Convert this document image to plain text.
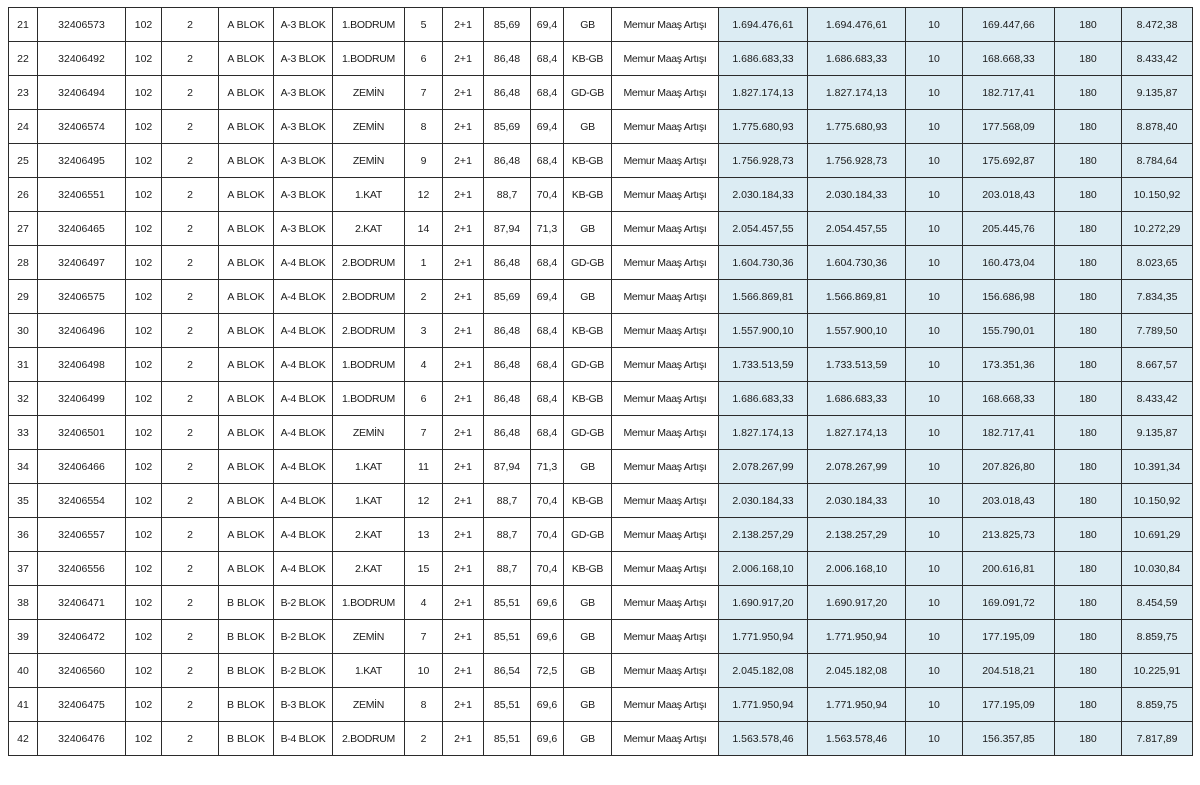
21	32406573	102	2	A BLOK	A-3 BLOK	1.BODRUM	5	2+1	85,69	69,4	GB	Memur Maaş Artışı	1.694.476,61	1.694.476,61	10	169.447,66	180	8.472,38
22	32406492	102	2	A BLOK	A-3 BLOK	1.BODRUM	6	2+1	86,48	68,4	KB-GB	Memur Maaş Artışı	1.686.683,33	1.686.683,33	10	168.668,33	180	8.433,42
23	32406494	102	2	A BLOK	A-3 BLOK	ZEMİN	7	2+1	86,48	68,4	GD-GB	Memur Maaş Artışı	1.827.174,13	1.827.174,13	10	182.717,41	180	9.135,87
24	32406574	102	2	A BLOK	A-3 BLOK	ZEMİN	8	2+1	85,69	69,4	GB	Memur Maaş Artışı	1.775.680,93	1.775.680,93	10	177.568,09	180	8.878,40
25	32406495	102	2	A BLOK	A-3 BLOK	ZEMİN	9	2+1	86,48	68,4	KB-GB	Memur Maaş Artışı	1.756.928,73	1.756.928,73	10	175.692,87	180	8.784,64
26	32406551	102	2	A BLOK	A-3 BLOK	1.KAT	12	2+1	88,7	70,4	KB-GB	Memur Maaş Artışı	2.030.184,33	2.030.184,33	10	203.018,43	180	10.150,92
27	32406465	102	2	A BLOK	A-3 BLOK	2.KAT	14	2+1	87,94	71,3	GB	Memur Maaş Artışı	2.054.457,55	2.054.457,55	10	205.445,76	180	10.272,29
28	32406497	102	2	A BLOK	A-4 BLOK	2.BODRUM	1	2+1	86,48	68,4	GD-GB	Memur Maaş Artışı	1.604.730,36	1.604.730,36	10	160.473,04	180	8.023,65
29	32406575	102	2	A BLOK	A-4 BLOK	2.BODRUM	2	2+1	85,69	69,4	GB	Memur Maaş Artışı	1.566.869,81	1.566.869,81	10	156.686,98	180	7.834,35
30	32406496	102	2	A BLOK	A-4 BLOK	2.BODRUM	3	2+1	86,48	68,4	KB-GB	Memur Maaş Artışı	1.557.900,10	1.557.900,10	10	155.790,01	180	7.789,50
31	32406498	102	2	A BLOK	A-4 BLOK	1.BODRUM	4	2+1	86,48	68,4	GD-GB	Memur Maaş Artışı	1.733.513,59	1.733.513,59	10	173.351,36	180	8.667,57
32	32406499	102	2	A BLOK	A-4 BLOK	1.BODRUM	6	2+1	86,48	68,4	KB-GB	Memur Maaş Artışı	1.686.683,33	1.686.683,33	10	168.668,33	180	8.433,42
33	32406501	102	2	A BLOK	A-4 BLOK	ZEMİN	7	2+1	86,48	68,4	GD-GB	Memur Maaş Artışı	1.827.174,13	1.827.174,13	10	182.717,41	180	9.135,87
34	32406466	102	2	A BLOK	A-4 BLOK	1.KAT	11	2+1	87,94	71,3	GB	Memur Maaş Artışı	2.078.267,99	2.078.267,99	10	207.826,80	180	10.391,34
35	32406554	102	2	A BLOK	A-4 BLOK	1.KAT	12	2+1	88,7	70,4	KB-GB	Memur Maaş Artışı	2.030.184,33	2.030.184,33	10	203.018,43	180	10.150,92
36	32406557	102	2	A BLOK	A-4 BLOK	2.KAT	13	2+1	88,7	70,4	GD-GB	Memur Maaş Artışı	2.138.257,29	2.138.257,29	10	213.825,73	180	10.691,29
37	32406556	102	2	A BLOK	A-4 BLOK	2.KAT	15	2+1	88,7	70,4	KB-GB	Memur Maaş Artışı	2.006.168,10	2.006.168,10	10	200.616,81	180	10.030,84
38	32406471	102	2	B BLOK	B-2 BLOK	1.BODRUM	4	2+1	85,51	69,6	GB	Memur Maaş Artışı	1.690.917,20	1.690.917,20	10	169.091,72	180	8.454,59
39	32406472	102	2	B BLOK	B-2 BLOK	ZEMİN	7	2+1	85,51	69,6	GB	Memur Maaş Artışı	1.771.950,94	1.771.950,94	10	177.195,09	180	8.859,75
40	32406560	102	2	B BLOK	B-2 BLOK	1.KAT	10	2+1	86,54	72,5	GB	Memur Maaş Artışı	2.045.182,08	2.045.182,08	10	204.518,21	180	10.225,91
41	32406475	102	2	B BLOK	B-3 BLOK	ZEMİN	8	2+1	85,51	69,6	GB	Memur Maaş Artışı	1.771.950,94	1.771.950,94	10	177.195,09	180	8.859,75
42	32406476	102	2	B BLOK	B-4 BLOK	2.BODRUM	2	2+1	85,51	69,6	GB	Memur Maaş Artışı	1.563.578,46	1.563.578,46	10	156.357,85	180	7.817,89
